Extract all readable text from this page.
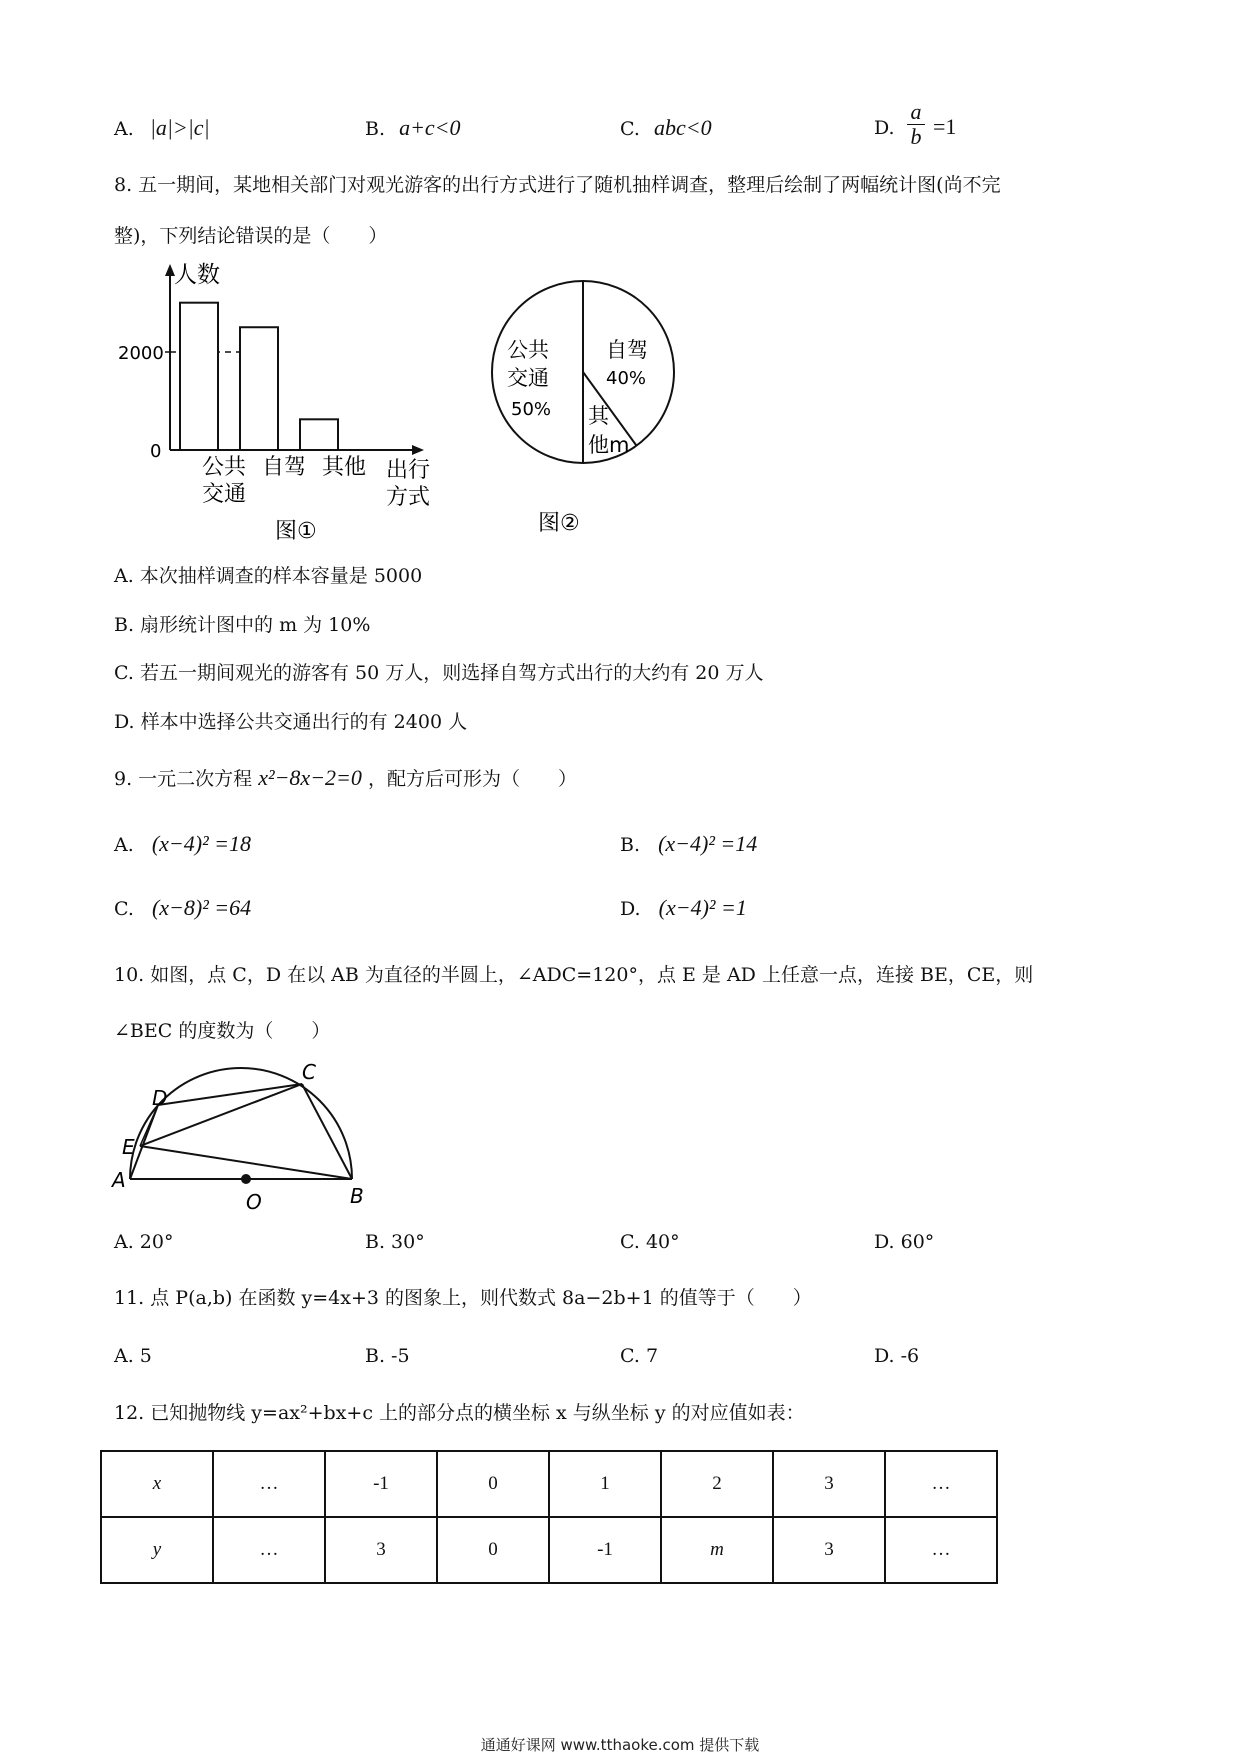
A. |a|>|c|	B. a+c<0	C. abc<0	D.
a
b =1
8. 五一期间，某地相关部门对观光游客的出行方式进行了随机抽样调查，整理后绘制了两幅统计图(尚不完
整)，下列结论错误的是（　　）
人数
2000
0
公共
交通
自驾 其他 出行
方式
图①
公共
交通
50%
自驾
40%
其
他m
图②
A. 本次抽样调查的样本容量是 5000
B. 扇形统计图中的 m 为 10%
C. 若五一期间观光的游客有 50 万人，则选择自驾方式出行的大约有 20 万人
D. 样本中选择公共交通出行的有 2400 人
9. 一元二次方程 x²−8x−2=0 ，配方后可形为（　　）
A. (x−4)² =18	B. (x−4)² =14
C. (x−8)² =64	D. (x−4)² =1
10. 如图，点 C，D 在以 AB 为直径的半圆上，∠ADC=120°，点 E 是 AD 上任意一点，连接 BE，CE，则
∠BEC 的度数为（　　）
A
B
C
D
E
O
A. 20°	B. 30°	C. 40°	D. 60°
11. 点 P(a,b) 在函数 y=4x+3 的图象上，则代数式 8a−2b+1 的值等于（　　）
A. 5	B. -5	C. 7	D. -6
12. 已知抛物线 y=ax²+bx+c 上的部分点的横坐标 x 与纵坐标 y 的对应值如表：
x	…	-1	0	1	2	3	…
y	…	3	0	-1	m	3	…
通通好课网 www.tthaoke.com 提供下载
